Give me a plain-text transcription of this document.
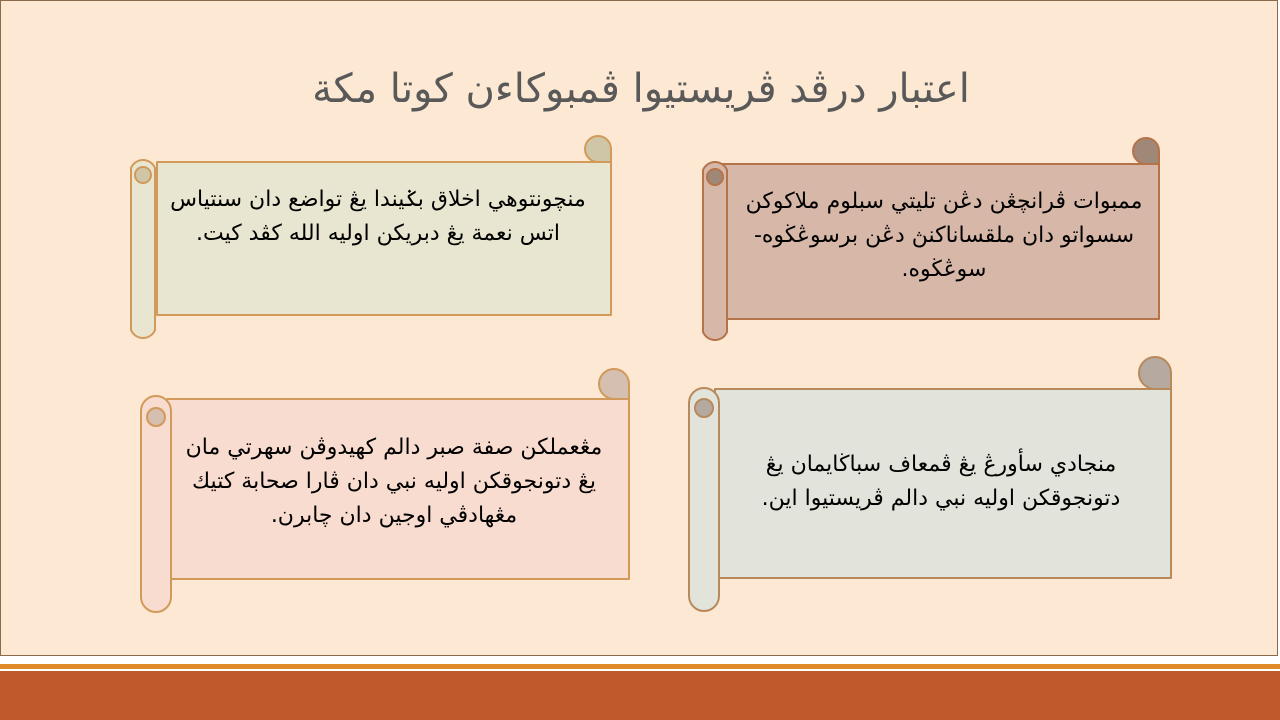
اعتبار درڤد ڤريستيوا ڤمبوكاءن كوتا مكة
ممبوات ڤرانچڠن دڠن تليتي سبلوم ملاكوكن سسواتو دان ملقساناكنڽ دڠن برسوڠڬوه-سوڠڬوه.
منچونتوهي اخلاق بݢيندا يڠ تواضع دان سنتياس اتس نعمة يڠ دبريكن اوليه الله كڤد كيت.
منجادي سأورڠ يڠ ڤمعاف سباڬايمان يڠ دتونجوقكن اوليه نبي دالم ڤريستيوا اين.
مڠعملكن صفة صبر دالم كهيدوڤن سهرتي مان يڠ دتونجوقكن اوليه نبي دان ڤارا صحابة كتيك مڠهادڤي اوجين دان چابرن.
